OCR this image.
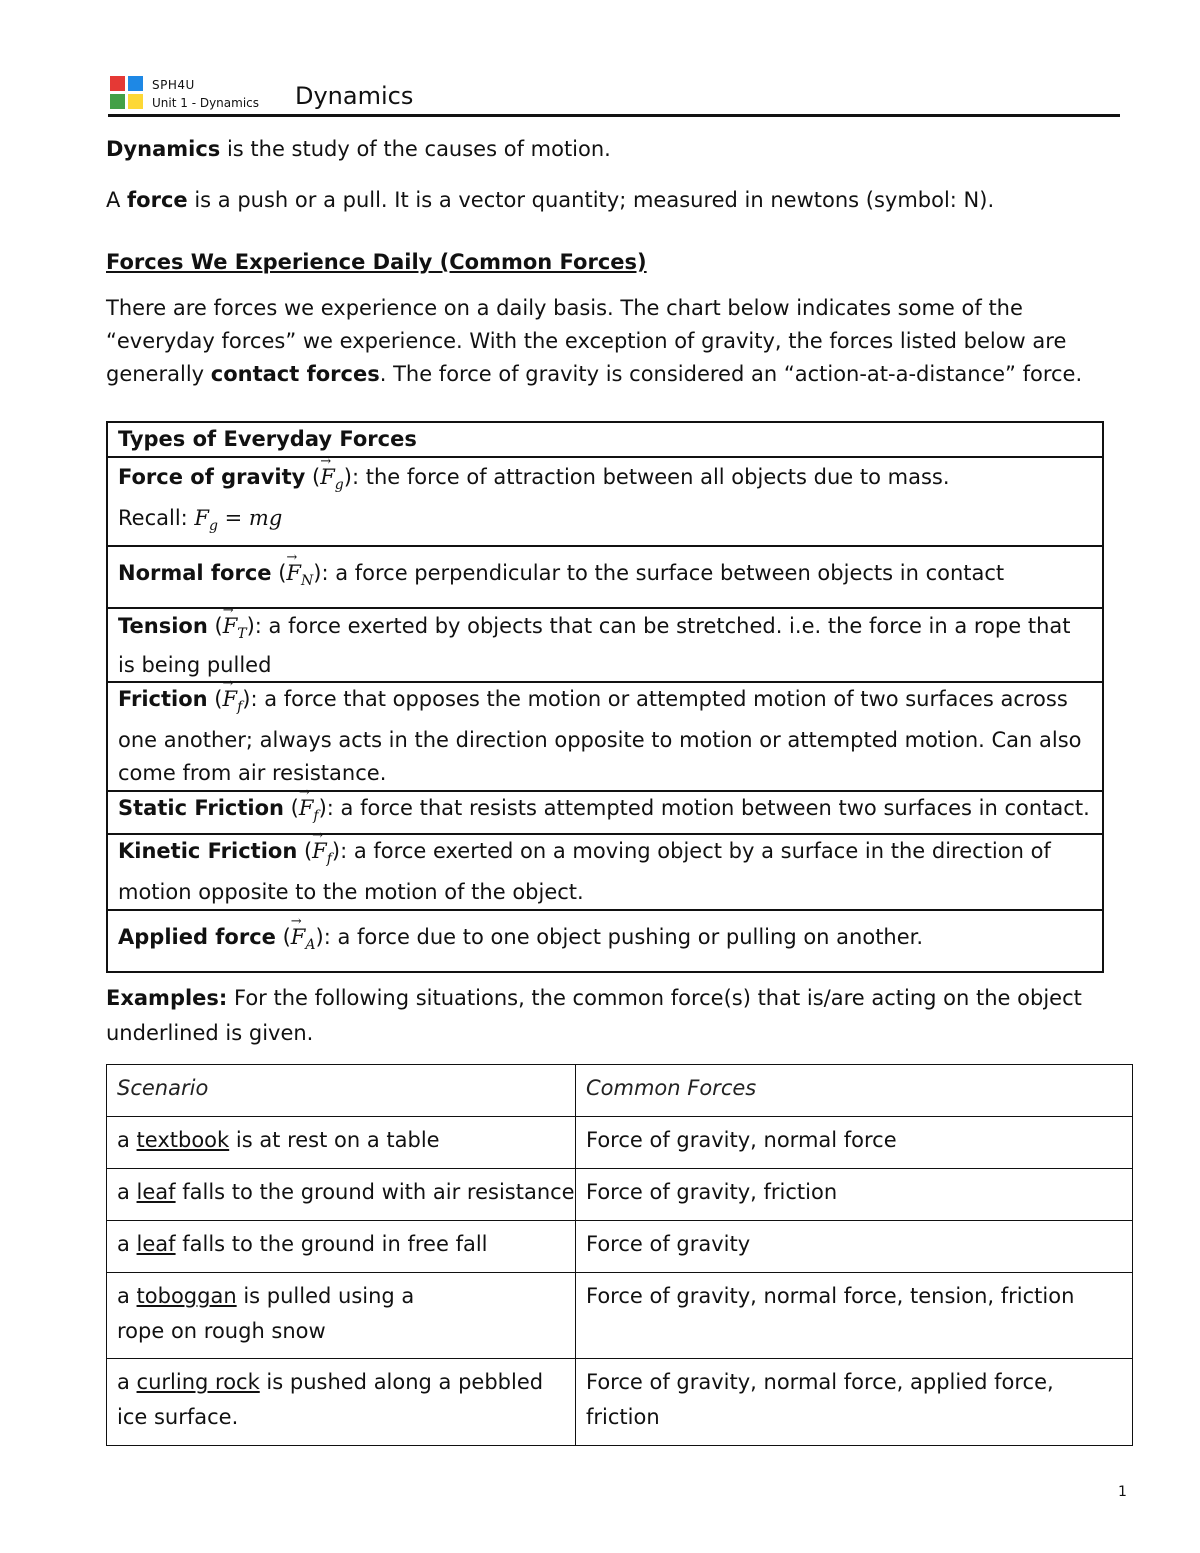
SPH4U
Unit 1 - Dynamics Dynamics
Dynamics is the study of the causes of motion.
A force is a push or a pull. It is a vector quantity; measured in newtons (symbol: N).
Forces We Experience Daily (Common Forces)
There are forces we experience on a daily basis. The chart below indicates some of the “everyday forces” we experience. With the exception of gravity, the forces listed below are generally contact forces. The force of gravity is considered an “action-at-a-distance” force.
Types of Everyday Forces
Force of gravity (→ $F_g$): the force of attraction between all objects due to mass.
Recall: $F_g$ = mg
Normal force (→ $F_N$): a force perpendicular to the surface between objects in contact
Tension (→ $F_T$): a force exerted by objects that can be stretched. i.e. the force in a rope that is being pulled
Friction (→ $F_f$): a force that opposes the motion or attempted motion of two surfaces across one another; always acts in the direction opposite to motion or attempted motion. Can also come from air resistance.
Static Friction (→ $F_f$): a force that resists attempted motion between two surfaces in contact.
Kinetic Friction (→ $F_f$): a force exerted on a moving object by a surface in the direction of motion opposite to the motion of the object.
Applied force (→ $F_A$): a force due to one object pushing or pulling on another.
Examples: For the following situations, the common force(s) that is/are acting on the object underlined is given.
Scenario	Common Forces
a textbook is at rest on a table	Force of gravity, normal force
a leaf falls to the ground with air resistance	Force of gravity, friction
a leaf falls to the ground in free fall	Force of gravity
a toboggan is pulled using a rope on rough snow	Force of gravity, normal force, tension, friction
a curling rock is pushed along a pebbled ice surface.	Force of gravity, normal force, applied force, friction
1
